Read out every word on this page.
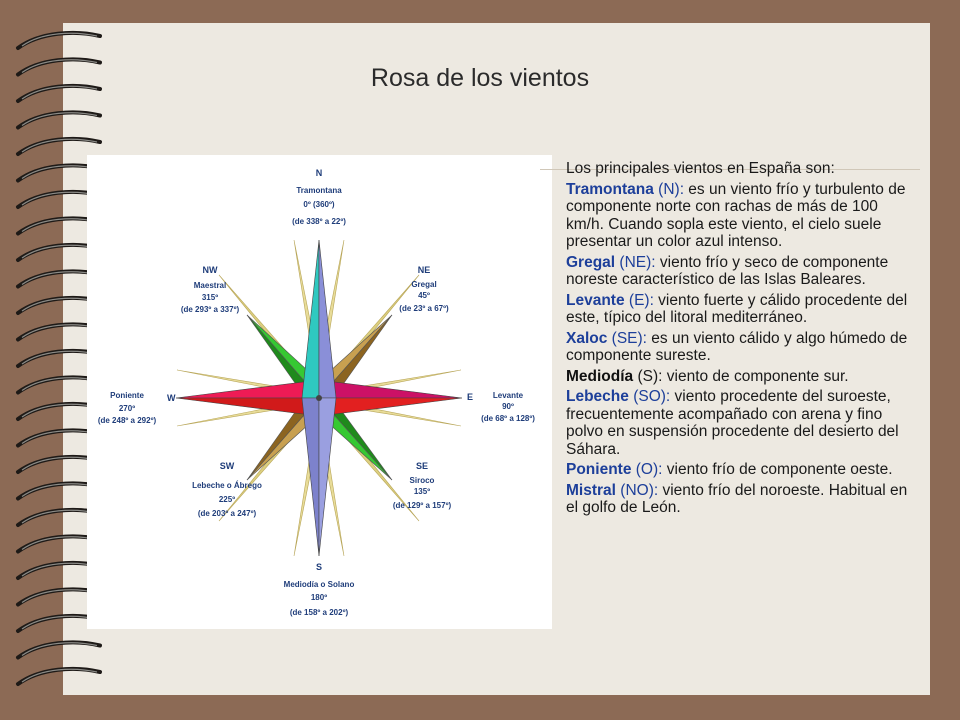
Rosa de los vientos
N
Tramontana
0º (360º)
(de 338º a 22º)
NE
Gregal
45º
(de 23º a 67º)
NW
Maestral
315º
(de 293º a 337º)
E Levante
90º
(de 68º a 128º)
W
Poniente
270º
(de 248º a 292º)
SE
Siroco
135º
(de 129º a 157º)
SW
Lebeche o Ábrego
225º
(de 203º a 247º)
S
Mediodía o Solano
180º
(de 158º a 202º)

Los principales vientos en España son:

Tramontana (N): es un viento frío y turbulento de componente norte con rachas de más de 100 km/h. Cuando sopla este viento, el cielo suele presentar un color azul intenso.

Gregal (NE): viento frío y seco de componente noreste característico de las Islas Baleares.

Levante (E): viento fuerte y cálido procedente del este, típico del litoral mediterráneo.

Xaloc (SE): es un viento cálido y algo húmedo de componente sureste.

Mediodía (S): viento de componente sur.

Lebeche (SO): viento procedente del suroeste, frecuentemente acompañado con arena y fino polvo en suspensión procedente del desierto del Sáhara.

Poniente (O): viento frío de componente oeste.

Mistral (NO): viento frío del noroeste. Habitual en el golfo de León.
